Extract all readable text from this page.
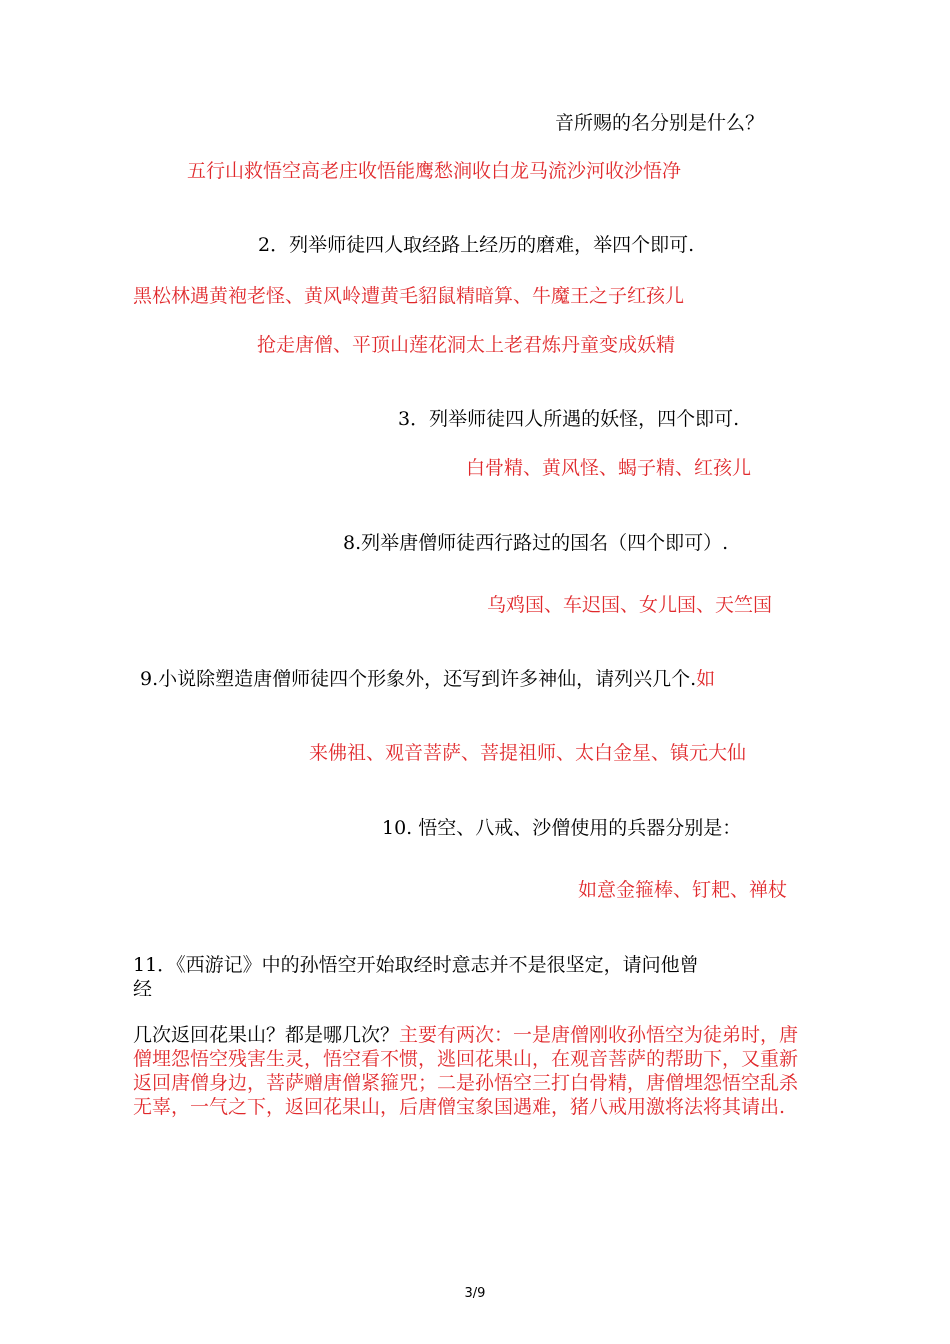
音所赐的名分别是什么？
五行山救悟空高老庄收悟能鹰愁涧收白龙马流沙河收沙悟净
2．列举师徒四人取经路上经历的磨难，举四个即可.
黑松林遇黄袍老怪、黄风岭遭黄毛貂鼠精暗算、牛魔王之子红孩儿
抢走唐僧、平顶山莲花洞太上老君炼丹童变成妖精
3．列举师徒四人所遇的妖怪，四个即可.
白骨精、黄风怪、蝎子精、红孩儿
8.列举唐僧师徒西行路过的国名（四个即可）.
乌鸡国、车迟国、女儿国、天竺国
9.小说除塑造唐僧师徒四个形象外，还写到许多神仙，请列兴几个.如
来佛祖、观音菩萨、菩提祖师、太白金星、镇元大仙
10. 悟空、八戒、沙僧使用的兵器分别是：
如意金箍棒、钉耙、禅杖
11．《西游记》中的孙悟空开始取经时意志并不是很坚定，请问他曾
经
几次返回花果山？都是哪几次？主要有两次：一是唐僧刚收孙悟空为徒弟时，唐僧埋怨悟空残害生灵，悟空看不惯，逃回花果山，在观音菩萨的帮助下，又重新返回唐僧身边，菩萨赠唐僧紧箍咒；二是孙悟空三打白骨精，唐僧埋怨悟空乱杀无辜，一气之下，返回花果山，后唐僧宝象国遇难，猪八戒用激将法将其请出.
3/9
